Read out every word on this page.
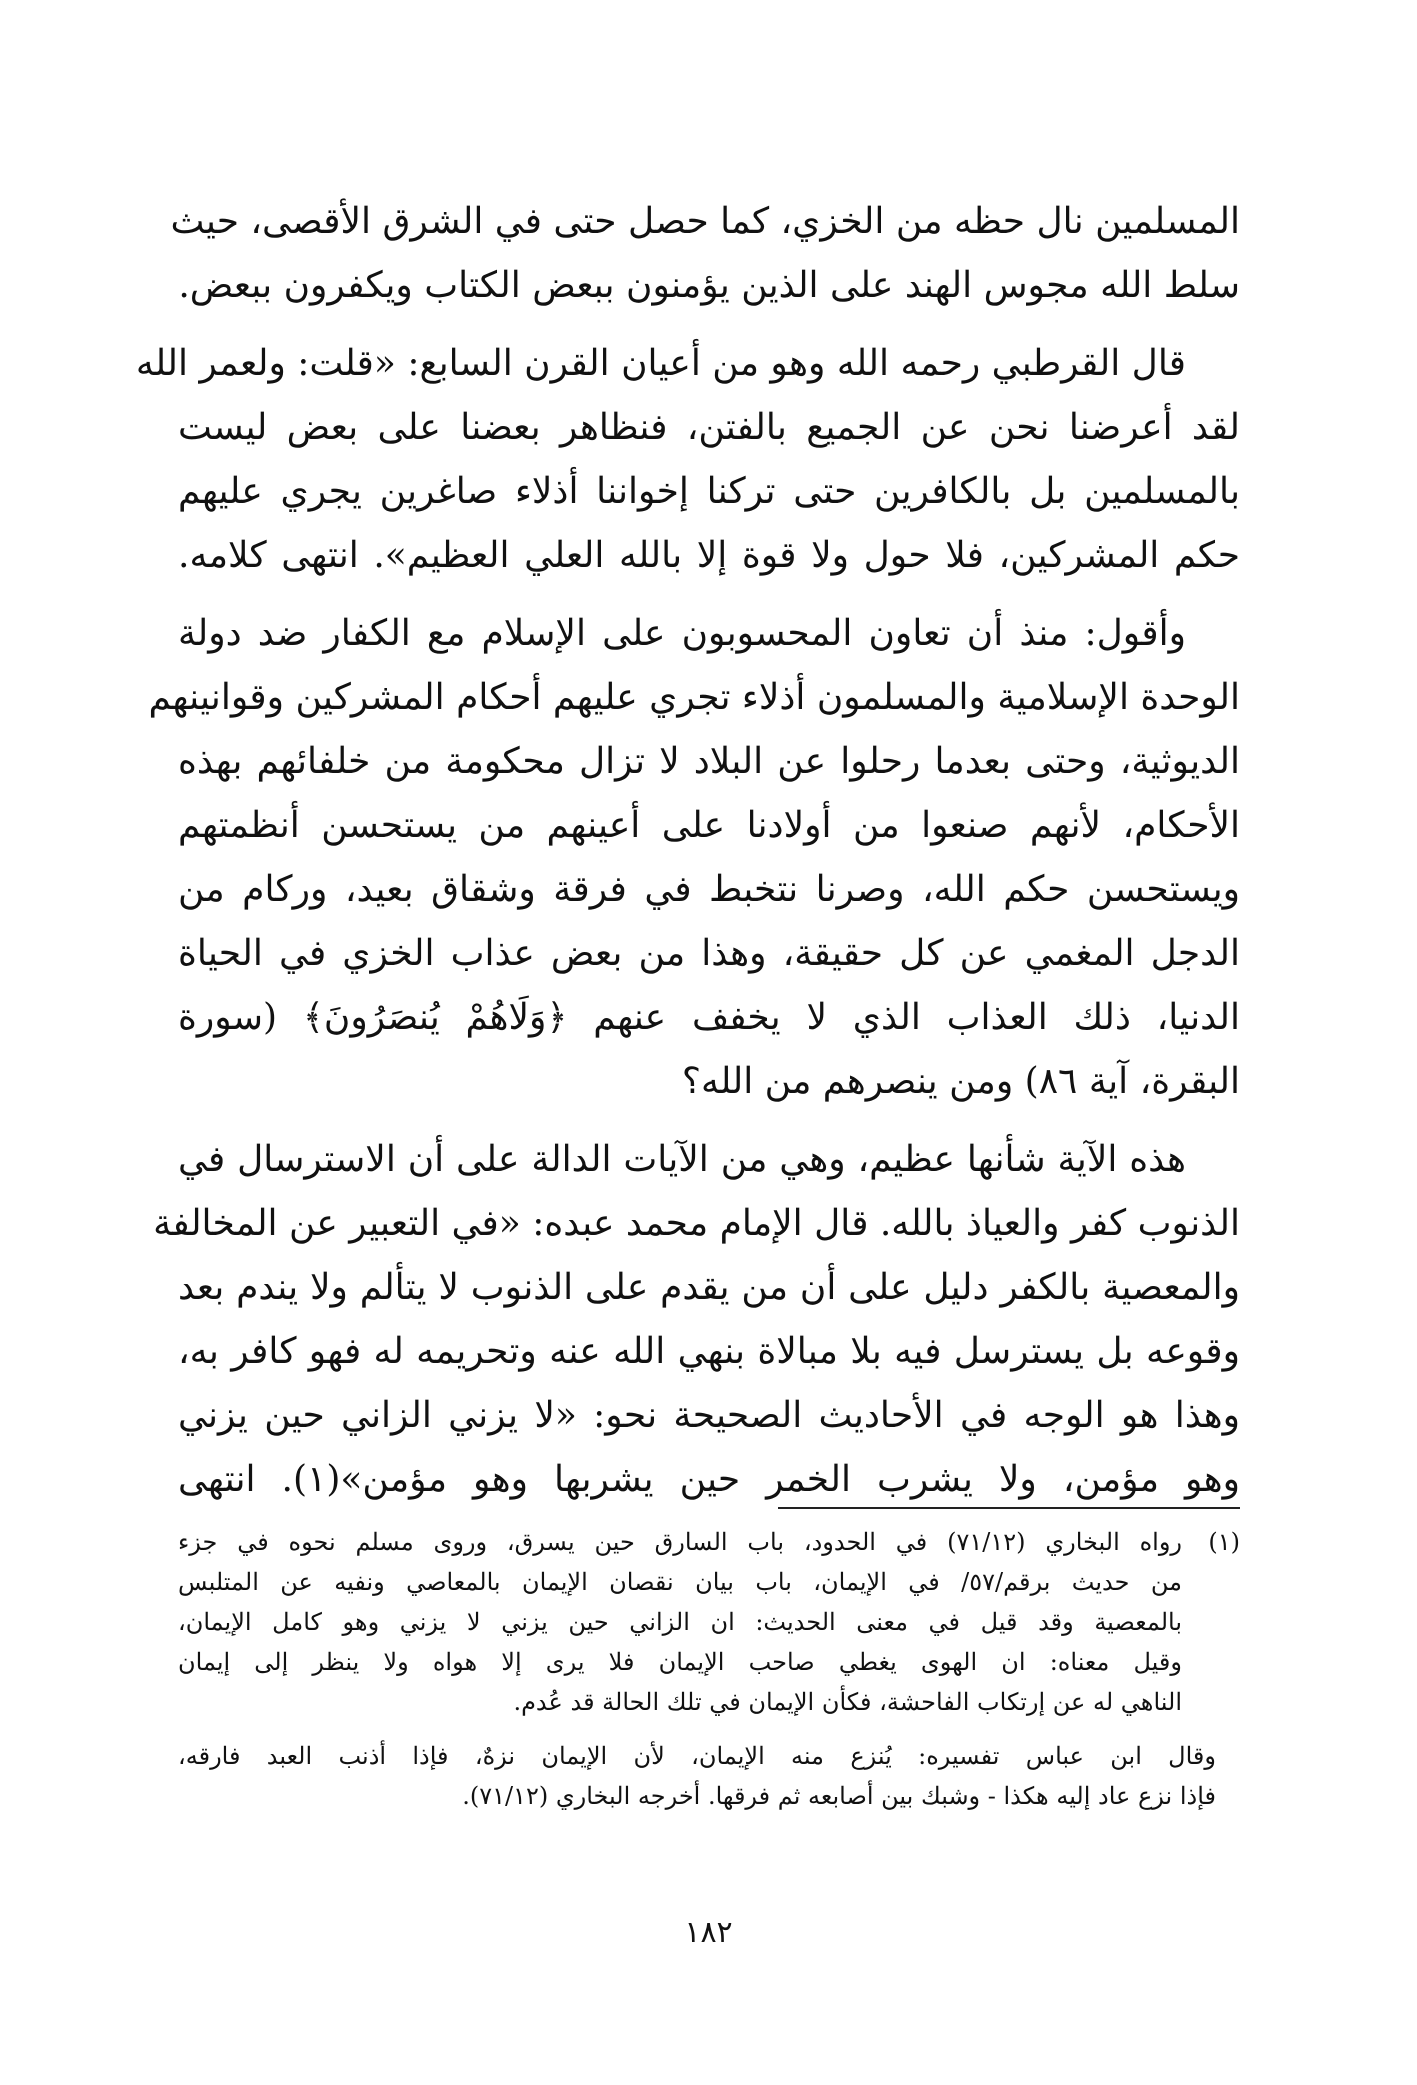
المسلمين نال حظه من الخزي، كما حصل حتى في الشرق الأقصى، حيث
سلط الله مجوس الهند على الذين يؤمنون ببعض الكتاب ويكفرون ببعض.
قال القرطبي رحمه الله وهو من أعيان القرن السابع: «قلت: ولعمر الله
لقد أعرضنا نحن عن الجميع بالفتن، فنظاهر بعضنا على بعض ليست
بالمسلمين بل بالكافرين حتى تركنا إخواننا أذلاء صاغرين يجري عليهم
حكم المشركين، فلا حول ولا قوة إلا بالله العلي العظيم». انتهى كلامه.
وأقول: منذ أن تعاون المحسوبون على الإسلام مع الكفار ضد دولة
الوحدة الإسلامية والمسلمون أذلاء تجري عليهم أحكام المشركين وقوانينهم
الديوثية، وحتى بعدما رحلوا عن البلاد لا تزال محكومة من خلفائهم بهذه
الأحكام، لأنهم صنعوا من أولادنا على أعينهم من يستحسن أنظمتهم
ويستحسن حكم الله، وصرنا نتخبط في فرقة وشقاق بعيد، وركام من
الدجل المغمي عن كل حقيقة، وهذا من بعض عذاب الخزي في الحياة
الدنيا، ذلك العذاب الذي لا يخفف عنهم ﴿وَلَاهُمْ يُنصَرُونَ﴾ (سورة
البقرة، آية ٨٦) ومن ينصرهم من الله؟
هذه الآية شأنها عظيم، وهي من الآيات الدالة على أن الاسترسال في
الذنوب كفر والعياذ بالله. قال الإمام محمد عبده: «في التعبير عن المخالفة
والمعصية بالكفر دليل على أن من يقدم على الذنوب لا يتألم ولا يندم بعد
وقوعه بل يسترسل فيه بلا مبالاة بنهي الله عنه وتحريمه له فهو كافر به،
وهذا هو الوجه في الأحاديث الصحيحة نحو: «لا يزني الزاني حين يزني
وهو مؤمن، ولا يشرب الخمر حين يشربها وهو مؤمن»(١). انتهى
(١)
رواه البخاري (٧١/١٢) في الحدود، باب السارق حين يسرق، وروى مسلم نحوه في جزء
من حديث برقم/٥٧/ في الإيمان، باب بيان نقصان الإيمان بالمعاصي ونفيه عن المتلبس
بالمعصية وقد قيل في معنى الحديث: ان الزاني حين يزني لا يزني وهو كامل الإيمان،
وقيل معناه: ان الهوى يغطي صاحب الإيمان فلا يرى إلا هواه ولا ينظر إلى إيمان
الناهي له عن إرتكاب الفاحشة، فكأن الإيمان في تلك الحالة قد عُدم.
وقال ابن عباس تفسيره: يُنزع منه الإيمان، لأن الإيمان نزهٌ، فإذا أذنب العبد فارقه،
فإذا نزع عاد إليه هكذا - وشبك بين أصابعه ثم فرقها. أخرجه البخاري (٧١/١٢).
١٨٢
